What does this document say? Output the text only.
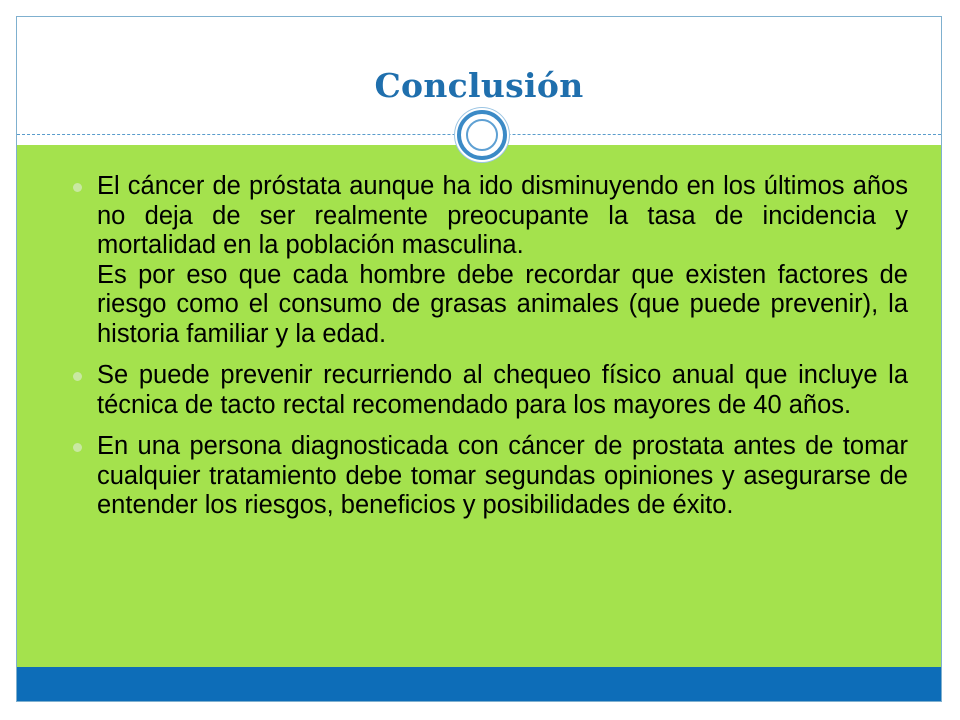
Conclusión
El cáncer de próstata aunque ha ido disminuyendo en los últimos años no deja de ser realmente preocupante la tasa de incidencia y mortalidad en la población masculina.
Es por eso que cada hombre debe recordar que existen factores de riesgo como el consumo de grasas animales (que puede prevenir), la historia familiar y la edad.
Se puede prevenir recurriendo al chequeo físico anual que incluye la técnica de tacto rectal recomendado para los mayores de 40 años.
En una persona diagnosticada con cáncer de prostata antes de tomar cualquier tratamiento debe tomar segundas opiniones y asegurarse de entender los riesgos, beneficios y posibilidades de éxito.
